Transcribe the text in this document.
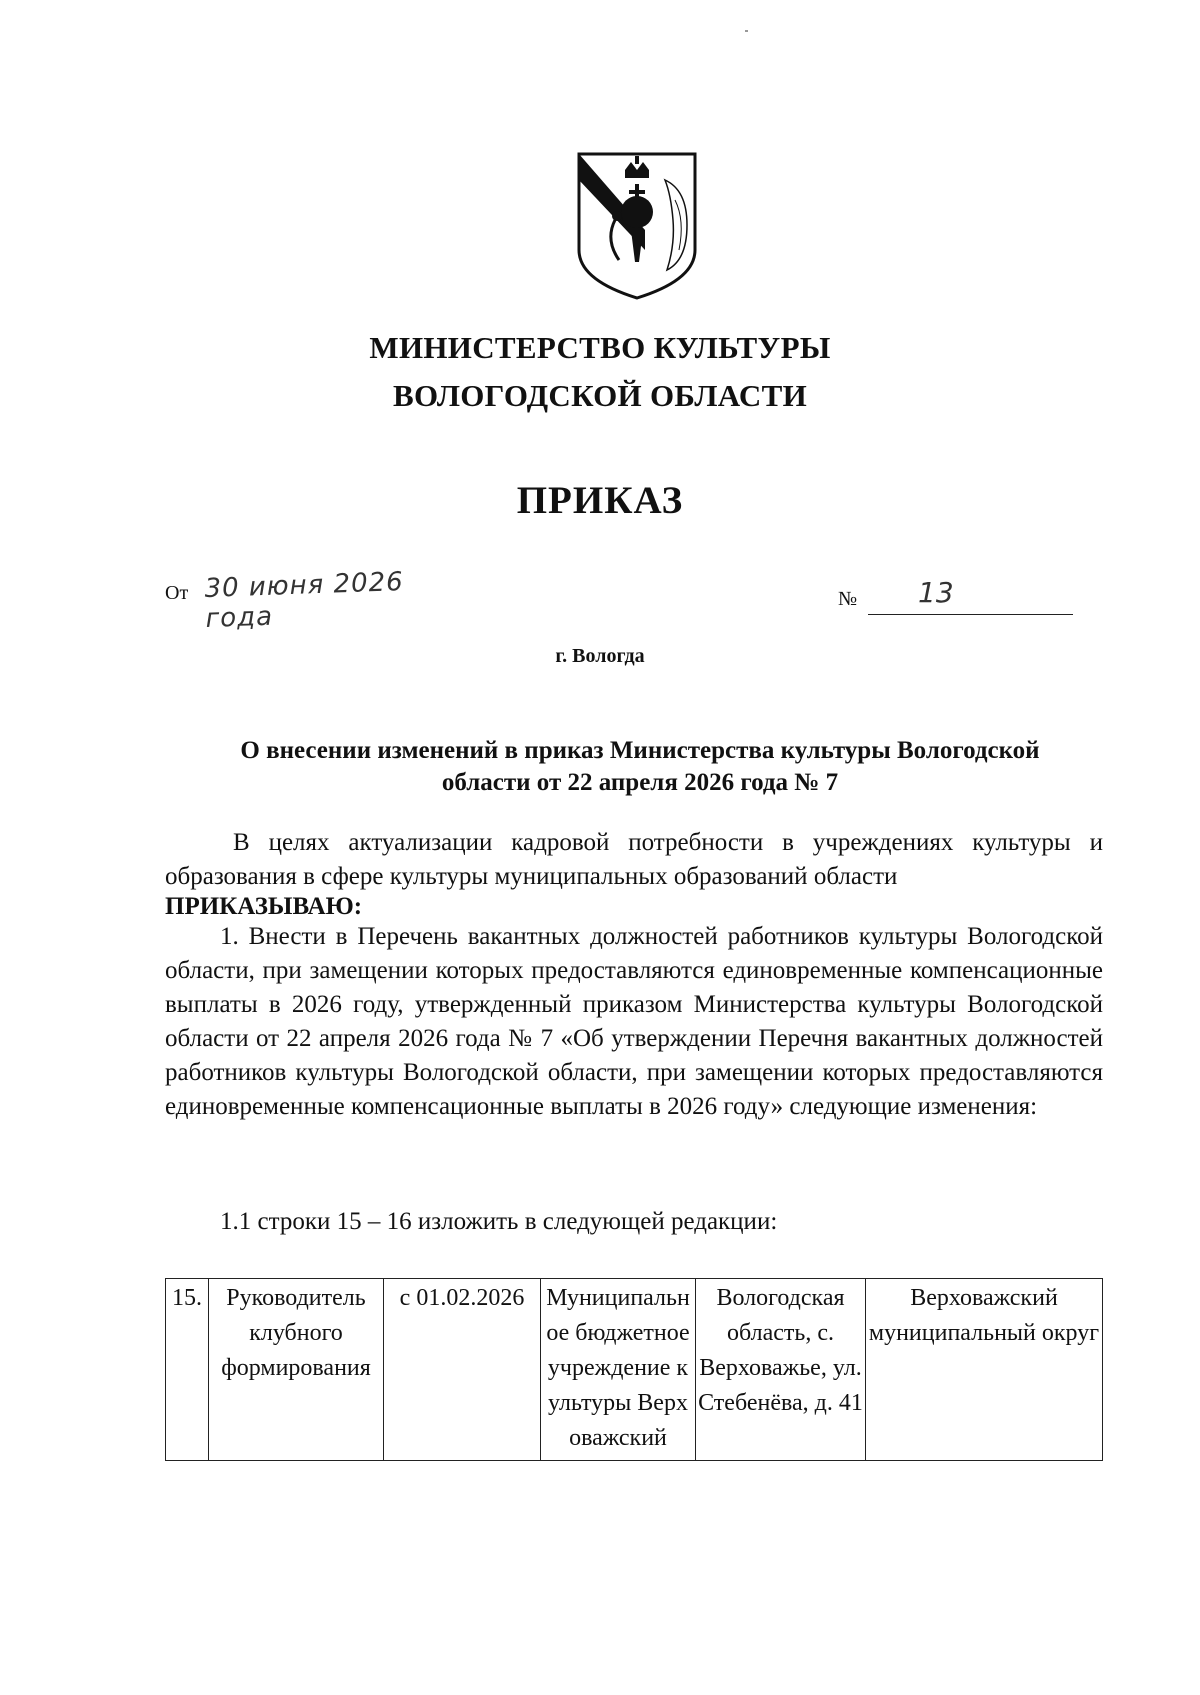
МИНИСТЕРСТВО КУЛЬТУРЫ
ВОЛОГОДСКОЙ ОБЛАСТИ
ПРИКАЗ
От 30 июня 2026 года
№ 13
г. Вологда
О внесении изменений в приказ Министерства культуры Вологодской
области от 22 апреля 2026 года № 7
В целях актуализации кадровой потребности в учреждениях культуры и образования в сфере культуры муниципальных образований области
ПРИКАЗЫВАЮ:
1. Внести в Перечень вакантных должностей работников культуры Вологодской области, при замещении которых предоставляются единовременные компенсационные выплаты в 2026 году, утвержденный приказом Министерства культуры Вологодской области от 22 апреля 2026 года № 7 «Об утверждении Перечня вакантных должностей работников культуры Вологодской области, при замещении которых предоставляются единовременные компенсационные выплаты в 2026 году» следующие изменения:
1.1 строки 15 – 16 изложить в следующей редакции:
15.	Руководитель клубного формирования	с 01.02.2026	Муниципальное бюджетное учреждение культуры Верховажский	Вологодская область, с. Верховажье, ул. Стебенёва, д. 41	Верховажский муниципальный округ
